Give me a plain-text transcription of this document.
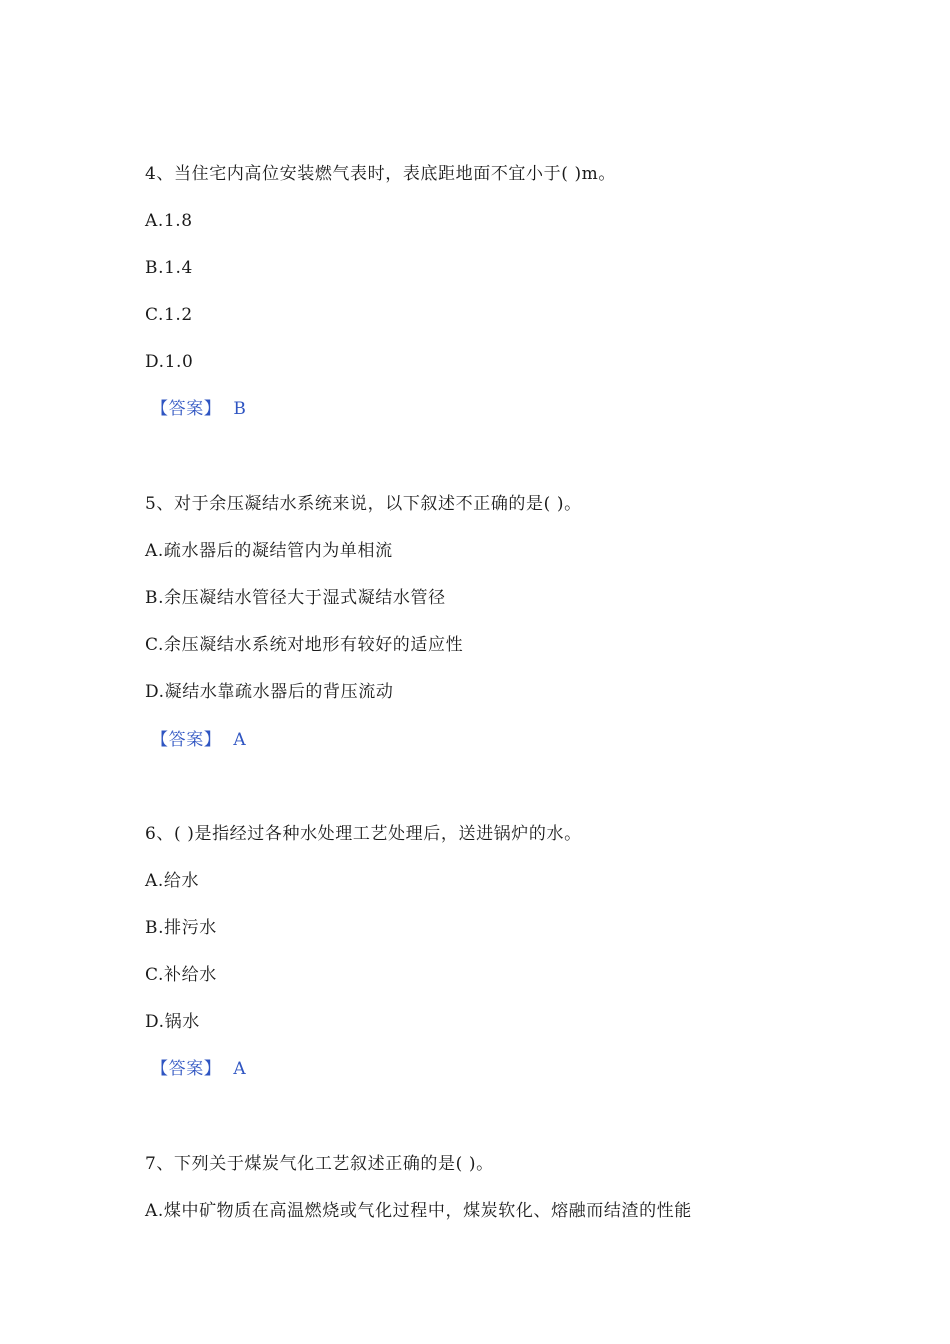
4、当住宅内高位安装燃气表时，表底距地面不宜小于( )m。
A.1.8
B.1.4
C.1.2
D.1.0
【答案】 B
5、对于余压凝结水系统来说，以下叙述不正确的是( )。
A.疏水器后的凝结管内为单相流
B.余压凝结水管径大于湿式凝结水管径
C.余压凝结水系统对地形有较好的适应性
D.凝结水靠疏水器后的背压流动
【答案】 A
6、( )是指经过各种水处理工艺处理后，送进锅炉的水。
A.给水
B.排污水
C.补给水
D.锅水
【答案】 A
7、下列关于煤炭气化工艺叙述正确的是( )。
A.煤中矿物质在高温燃烧或气化过程中，煤炭软化、熔融而结渣的性能
